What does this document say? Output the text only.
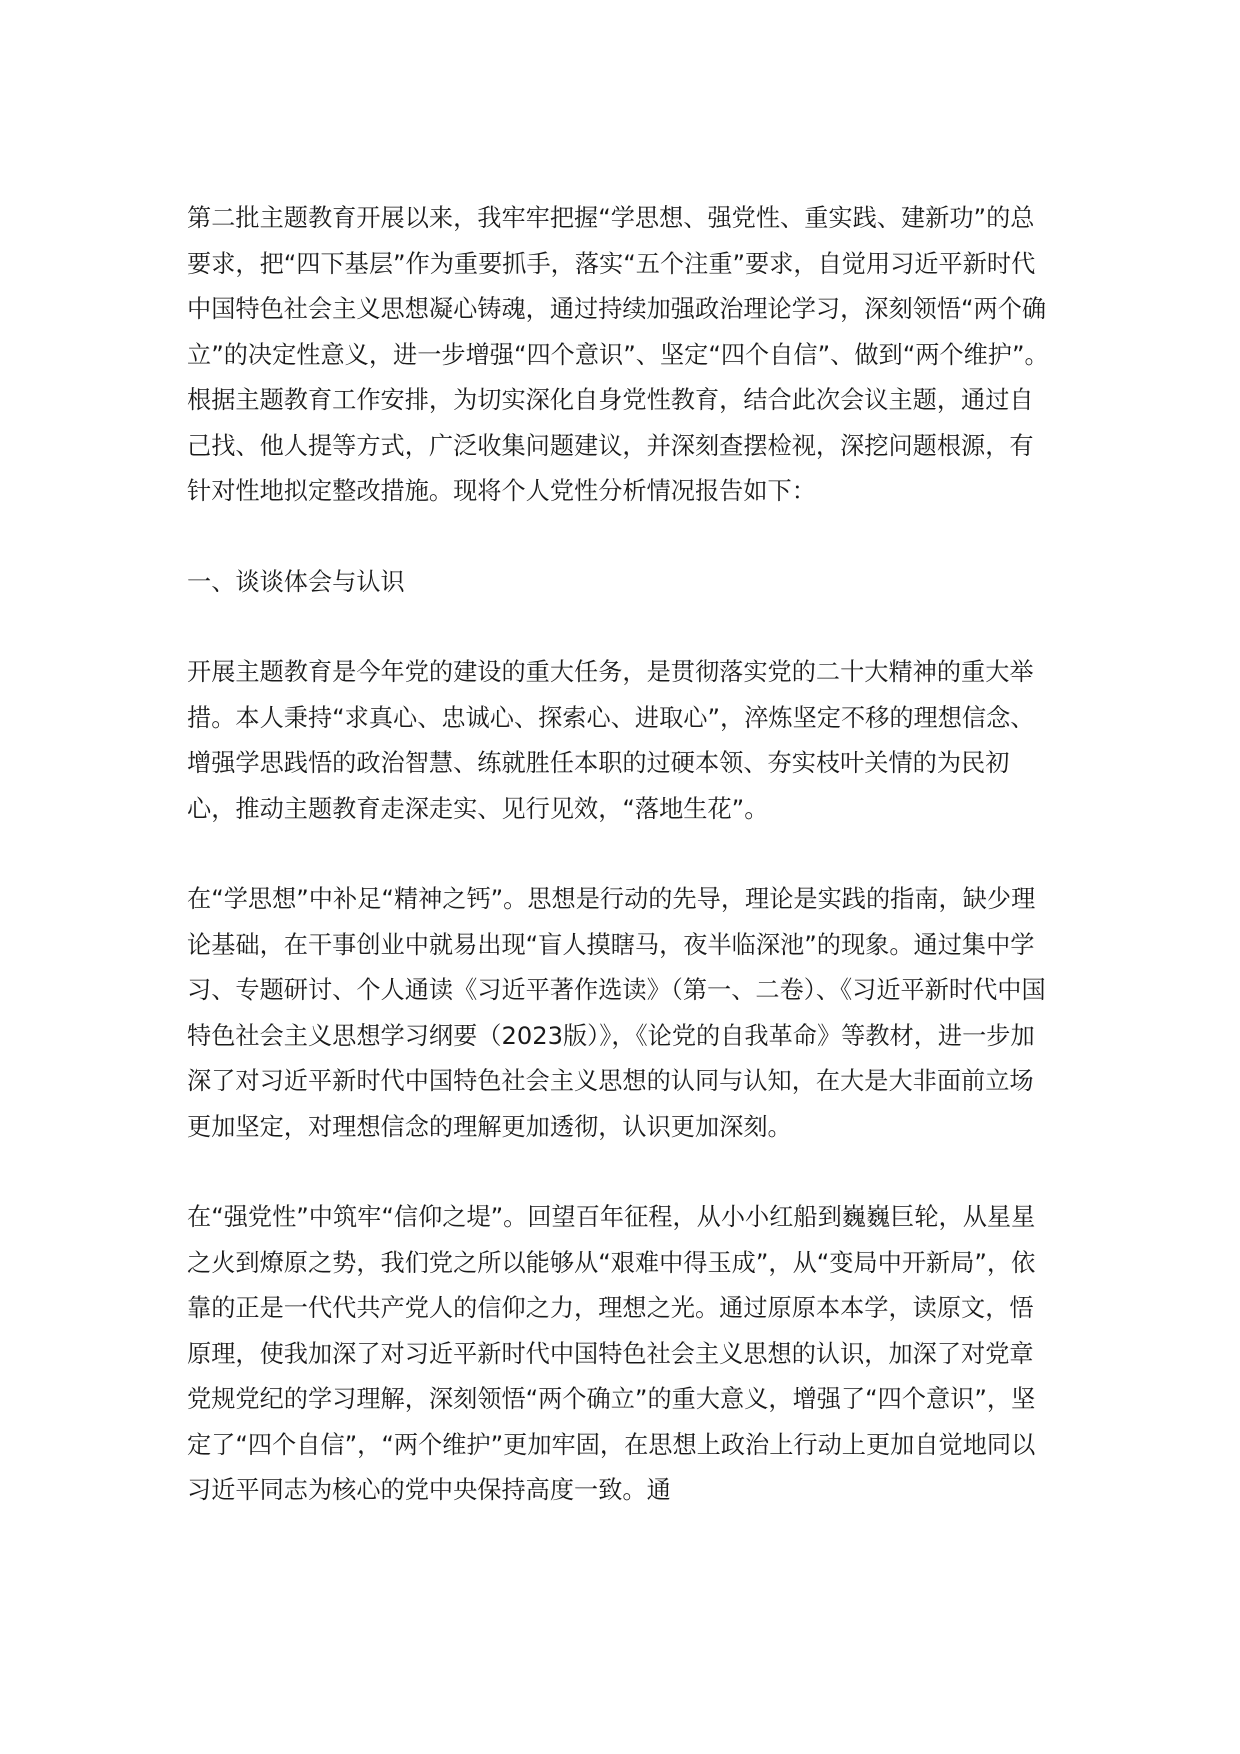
第二批主题教育开展以来，我牢牢把握“学思想、强党性、重实践、建新功”的总要求，把“四下基层”作为重要抓手，落实“五个注重”要求，自觉用习近平新时代中国特色社会主义思想凝心铸魂，通过持续加强政治理论学习，深刻领悟“两个确立”的决定性意义，进一步增强“四个意识”、坚定“四个自信”、做到“两个维护”。根据主题教育工作安排，为切实深化自身党性教育，结合此次会议主题，通过自己找、他人提等方式，广泛收集问题建议，并深刻查摆检视，深挖问题根源，有针对性地拟定整改措施。现将个人党性分析情况报告如下：

一、谈谈体会与认识

开展主题教育是今年党的建设的重大任务，是贯彻落实党的二十大精神的重大举措。本人秉持“求真心、忠诚心、探索心、进取心”，淬炼坚定不移的理想信念、增强学思践悟的政治智慧、练就胜任本职的过硬本领、夯实枝叶关情的为民初心，推动主题教育走深走实、见行见效，“落地生花”。

在“学思想”中补足“精神之钙”。思想是行动的先导，理论是实践的指南，缺少理论基础，在干事创业中就易出现“盲人摸瞎马，夜半临深池”的现象。通过集中学习、专题研讨、个人通读《习近平著作选读》（第一、二卷）、《习近平新时代中国特色社会主义思想学习纲要（2023版）》，《论党的自我革命》等教材，进一步加深了对习近平新时代中国特色社会主义思想的认同与认知，在大是大非面前立场更加坚定，对理想信念的理解更加透彻，认识更加深刻。

在“强党性”中筑牢“信仰之堤”。回望百年征程，从小小红船到巍巍巨轮，从星星之火到燎原之势，我们党之所以能够从“艰难中得玉成”，从“变局中开新局”，依靠的正是一代代共产党人的信仰之力，理想之光。通过原原本本学，读原文，悟原理，使我加深了对习近平新时代中国特色社会主义思想的认识，加深了对党章党规党纪的学习理解，深刻领悟“两个确立”的重大意义，增强了“四个意识”，坚定了“四个自信”，“两个维护”更加牢固，在思想上政治上行动上更加自觉地同以习近平同志为核心的党中央保持高度一致。通
